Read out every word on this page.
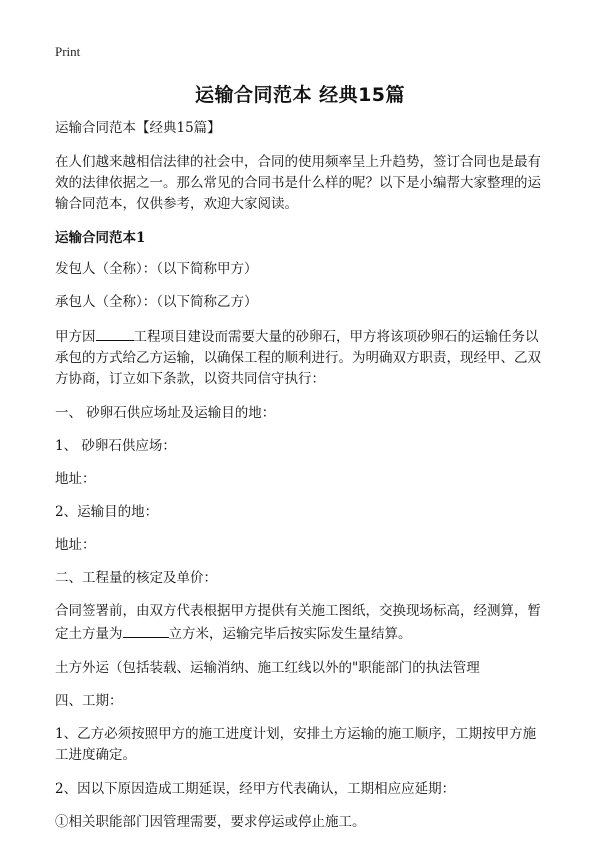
Print
运输合同范本 经典15篇

运输合同范本【经典15篇】

在人们越来越相信法律的社会中，合同的使用频率呈上升趋势，签订合同也是最有效的法律依据之一。那么常见的合同书是什么样的呢？以下是小编帮大家整理的运输合同范本，仅供参考，欢迎大家阅读。

运输合同范本1

发包人（全称）：（以下简称甲方）

承包人（全称）：（以下简称乙方）

甲方因	工程项目建设而需要大量的砂卵石，甲方将该项砂卵石的运输任务以承包的方式给乙方运输，以确保工程的顺利进行。为明确双方职责，现经甲、乙双方协商，订立如下条款，以资共同信守执行：

一、 砂卵石供应场址及运输目的地：

1、 砂卵石供应场：

地址：

2、运输目的地：

地址：

二、工程量的核定及单价：

合同签署前，由双方代表根据甲方提供有关施工图纸，交换现场标高，经测算，暂定土方量为	立方米，运输完毕后按实际发生量结算。

土方外运（包括装载、运输消纳、施工红线以外的"职能部门的执法管理

四、工期：

1、乙方必须按照甲方的施工进度计划，安排土方运输的施工顺序，工期按甲方施工进度确定。

2、因以下原因造成工期延误，经甲方代表确认，工期相应应延期：

①相关职能部门因管理需要，要求停运或停止施工。
